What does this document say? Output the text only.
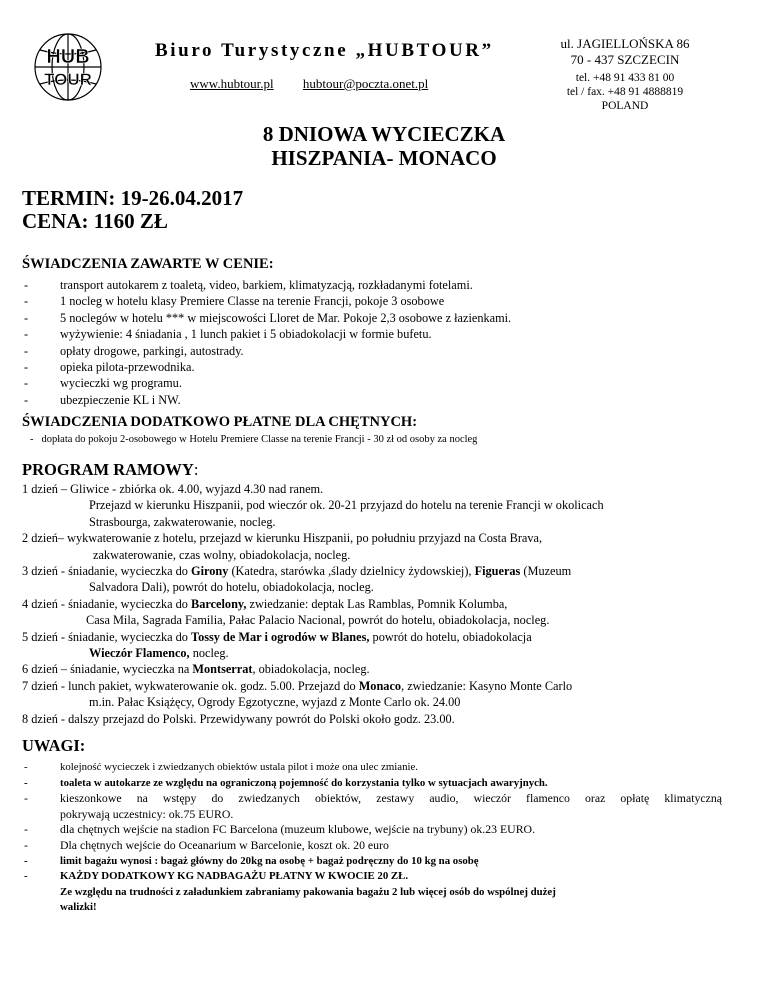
HUB
TOUR
Biuro Turystyczne „HUBTOUR”
www.hubtour.pl hubtour@poczta.onet.pl
ul. JAGIELLOŃSKA 86
70 - 437 SZCZECIN
tel. +48 91 433 81 00
tel / fax. +48 91 4888819
POLAND
8 DNIOWA WYCIECZKA
HISZPANIA- MONACO
TERMIN: 19-26.04.2017
CENA: 1160 ZŁ
ŚWIADCZENIA ZAWARTE W CENIE:
- transport autokarem z toaletą, video, barkiem, klimatyzacją, rozkładanymi fotelami.
- 1 nocleg w hotelu klasy Premiere Classe na terenie Francji, pokoje 3 osobowe
- 5 noclegów w hotelu *** w miejscowości Lloret de Mar. Pokoje 2,3 osobowe z łazienkami.
- wyżywienie: 4 śniadania , 1 lunch pakiet i 5 obiadokolacji w formie bufetu.
- opłaty drogowe, parkingi, autostrady.
- opieka pilota-przewodnika.
- wycieczki wg programu.
- ubezpieczenie KL i NW.
ŚWIADCZENIA DODATKOWO PŁATNE DLA CHĘTNYCH:
- dopłata do pokoju 2-osobowego w Hotelu Premiere Classe na terenie Francji - 30 zł od osoby za nocleg
PROGRAM RAMOWY:

1 dzień – Gliwice - zbiórka ok. 4.00, wyjazd 4.30 nad ranem.

Przejazd w kierunku Hiszpanii, pod wieczór ok. 20-21 przyjazd do hotelu na terenie Francji w okolicach

Strasbourga, zakwaterowanie, nocleg.

2 dzień– wykwaterowanie z hotelu, przejazd w kierunku Hiszpanii, po południu przyjazd na Costa Brava,

zakwaterowanie, czas wolny, obiadokolacja, nocleg.

3 dzień - śniadanie, wycieczka do Girony (Katedra, starówka ,ślady dzielnicy żydowskiej), Figueras (Muzeum

Salvadora Dali), powrót do hotelu, obiadokolacja, nocleg.

4 dzień - śniadanie, wycieczka do Barcelony, zwiedzanie: deptak Las Ramblas, Pomnik Kolumba,

Casa Mila, Sagrada Familia, Pałac Palacio Nacional, powrót do hotelu, obiadokolacja, nocleg.

5 dzień - śniadanie, wycieczka do Tossy de Mar i ogrodów w Blanes, powrót do hotelu, obiadokolacja

Wieczór Flamenco, nocleg.

6 dzień – śniadanie, wycieczka na Montserrat, obiadokolacja, nocleg.

7 dzień - lunch pakiet, wykwaterowanie ok. godz. 5.00. Przejazd do Monaco, zwiedzanie: Kasyno Monte Carlo

m.in. Pałac Książęcy, Ogrody Egzotyczne, wyjazd z Monte Carlo ok. 24.00

8 dzień - dalszy przejazd do Polski. Przewidywany powrót do Polski około godz. 23.00.

UWAGI:

-	kolejność wycieczek i zwiedzanych obiektów ustala pilot i może ona ulec zmianie.

-	toaleta w autokarze ze względu na ograniczoną pojemność do korzystania tylko w sytuacjach awaryjnych.

-	kieszonkowe na wstępy do zwiedzanych obiektów, zestawy audio, wieczór flamenco oraz opłatę klimatyczną
pokrywają uczestnicy: ok.75 EURO.

-	dla chętnych wejście na stadion FC Barcelona (muzeum klubowe, wejście na trybuny) ok.23 EURO.

-	Dla chętnych wejście do Oceanarium w Barcelonie, koszt ok. 20 euro

-	limit bagażu wynosi : bagaż główny do 20kg na osobę + bagaż podręczny do 10 kg na osobę

-	KAŻDY DODATKOWY KG NADBAGAŻU PŁATNY W KWOCIE 20 ZŁ.

Ze względu na trudności z załadunkiem zabraniamy pakowania bagażu 2 lub więcej osób do wspólnej dużej
walizki!
